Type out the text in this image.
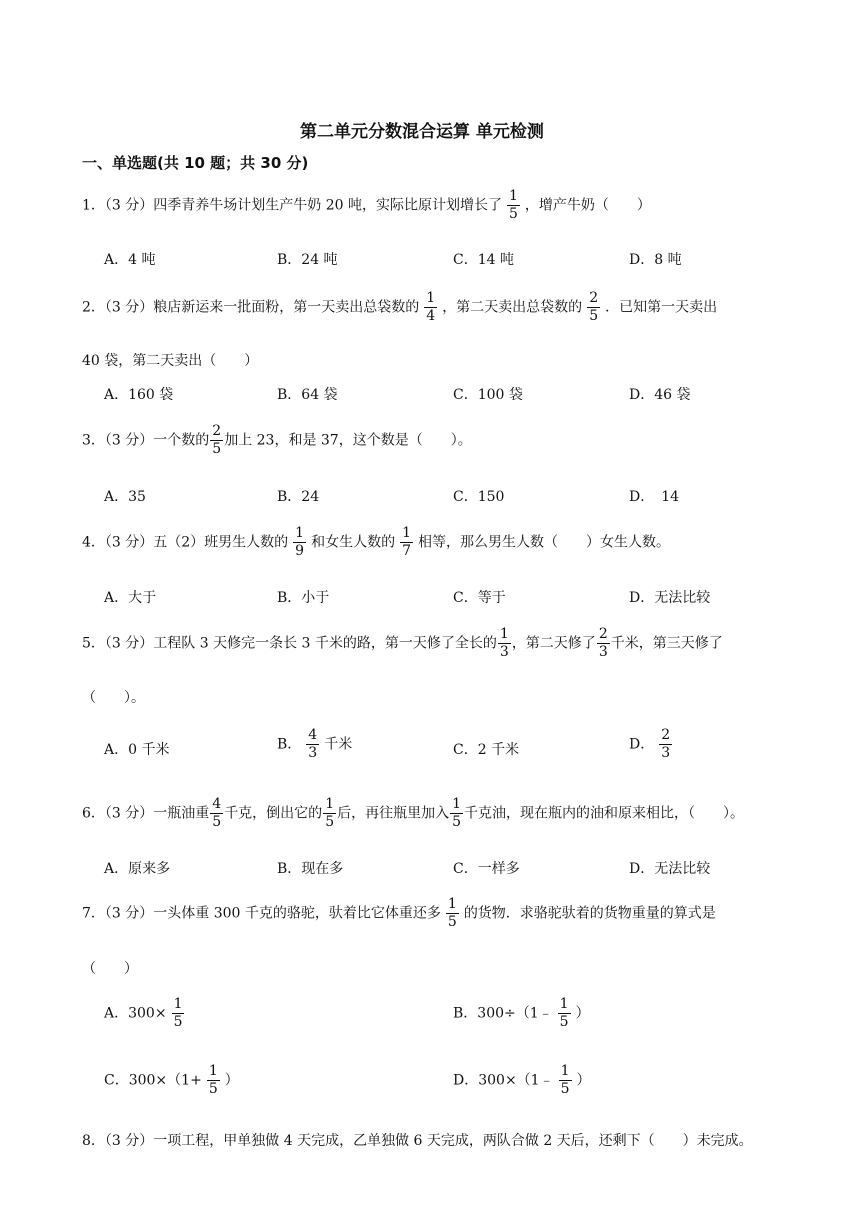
第二单元分数混合运算 单元检测
一、单选题(共 10 题；共 30 分)
1．（3 分）四季青养牛场计划生产牛奶 20 吨，实际比原计划增长了 $\frac{1}{5}$ ，增产牛奶（　　）
A．4 吨	B．24 吨	C．14 吨	D．8 吨
2．（3 分）粮店新运来一批面粉，第一天卖出总袋数的 $\frac{1}{4}$ ，第二天卖出总袋数的 $\frac{2}{5}$ ．已知第一天卖出
40 袋，第二天卖出（　　）
A．160 袋	B．64 袋	C．100 袋	D．46 袋
3．（3 分）一个数的 $\frac{2}{5}$ 加上 23，和是 37，这个数是（　　）。
A．35	B．24	C．150	D．　14
4．（3 分）五（2）班男生人数的 $\frac{1}{9}$ 和女生人数的 $\frac{1}{7}$ 相等，那么男生人数（　　）女生人数。
A．大于	B．小于	C．等于	D．无法比较
5．（3 分）工程队 3 天修完一条长 3 千米的路，第一天修了全长的 $\frac{1}{3}$ ，第二天修了 $\frac{2}{3}$ 千米，第三天修了
（　　）。
A．0 千米	B． $\frac{4}{3}$ 千米	C．2 千米	D． $\frac{2}{3}$
6．（3 分）一瓶油重 $\frac{4}{5}$ 千克，倒出它的 $\frac{1}{5}$ 后，再往瓶里加入 $\frac{1}{5}$ 千克油，现在瓶内的油和原来相比，（　　）。
A．原来多	B．现在多	C．一样多	D．无法比较
7．（3 分）一头体重 300 千克的骆驼，驮着比它体重还多 $\frac{1}{5}$ 的货物．求骆驼驮着的货物重量的算式是
（　　）
A．$300\times \frac{1}{5}$	B．300÷（1﹣ $\frac{1}{5}$ ）
C．$300\times(1+ \frac{1}{5}$ ）	D．300×（1﹣ $\frac{1}{5}$ ）
8．（3 分）一项工程，甲单独做 4 天完成，乙单独做 6 天完成，两队合做 2 天后，还剩下（　　）未完成。
